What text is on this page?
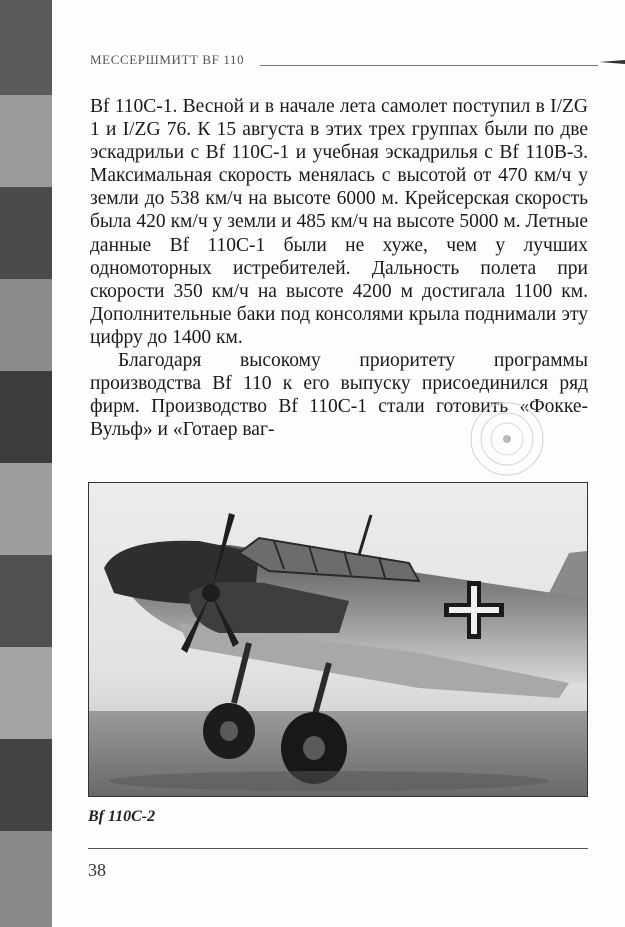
МЕССЕРШМИТТ BF 110

Bf 110C-1. Весной и в начале лета самолет поступил в I/ZG 1 и I/ZG 76. К 15 августа в этих трех группах были по две эскадрильи с Bf 110C-1 и учебная эскадрилья с Bf 110B-3. Максимальная скорость менялась с высотой от 470 км/ч у земли до 538 км/ч на высоте 6000 м. Крейсерская скорость была 420 км/ч у земли и 485 км/ч на высоте 5000 м. Летные данные Bf 110C-1 были не хуже, чем у лучших одномоторных истребителей. Дальность полета при скорости 350 км/ч на высоте 4200 м достигала 1100 км. Дополнительные баки под консолями крыла поднимали эту цифру до 1400 км.

Благодаря высокому приоритету программы производства Bf 110 к его выпуску присоединился ряд фирм. Производство Bf 110C-1 стали готовить «Фокке-Вульф» и «Готаер ваг-

Bf 110C-2
38
